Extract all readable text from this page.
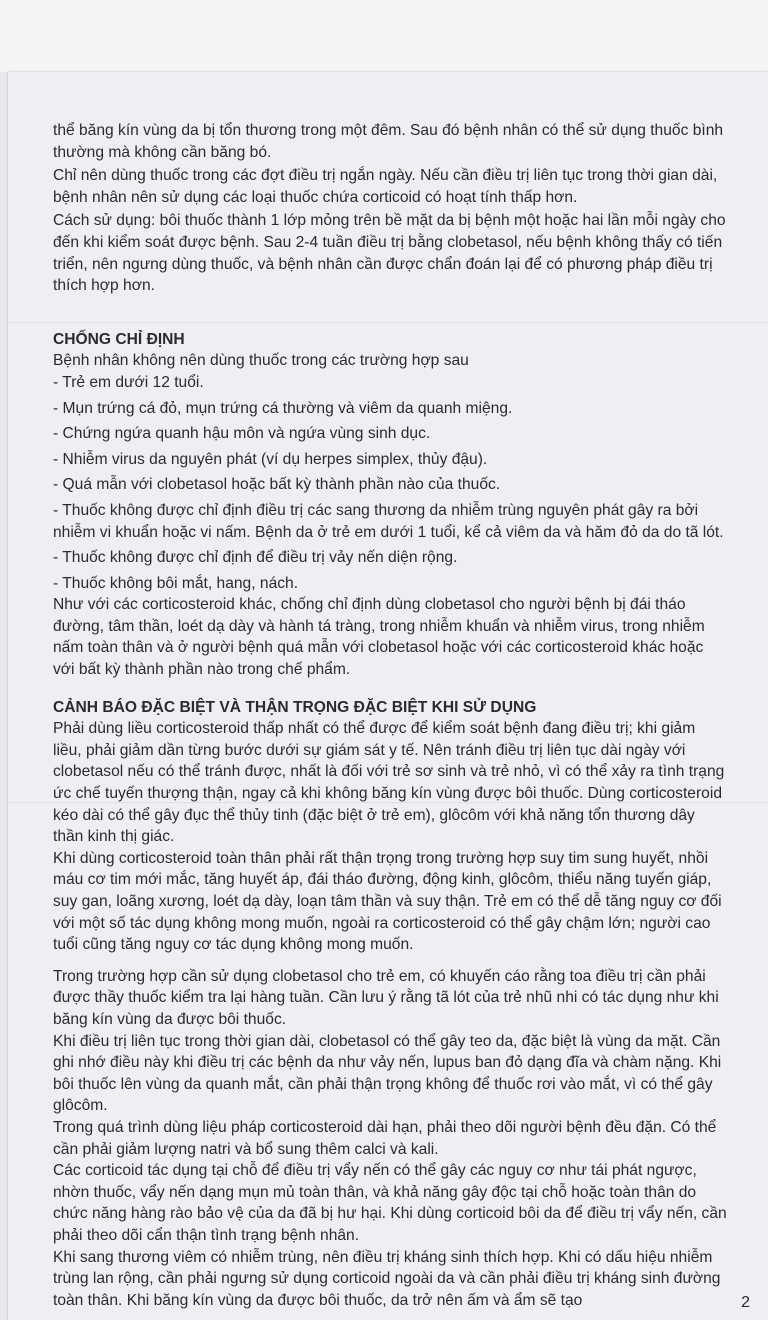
thể băng kín vùng da bị tổn thương trong một đêm. Sau đó bệnh nhân có thể sử dụng thuốc bình thường mà không cần băng bó.

Chỉ nên dùng thuốc trong các đợt điều trị ngắn ngày. Nếu cần điều trị liên tục trong thời gian dài, bệnh nhân nên sử dụng các loại thuốc chứa corticoid có hoạt tính thấp hơn.

Cách sử dụng: bôi thuốc thành 1 lớp mỏng trên bề mặt da bị bệnh một hoặc hai lần mỗi ngày cho đến khi kiểm soát được bệnh. Sau 2-4 tuần điều trị bằng clobetasol, nếu bệnh không thấy có tiến triển, nên ngưng dùng thuốc, và bệnh nhân cần được chẩn đoán lại để có phương pháp điều trị thích hợp hơn.

CHỐNG CHỈ ĐỊNH

Bệnh nhân không nên dùng thuốc trong các trường hợp sau

- Trẻ em dưới 12 tuổi.

- Mụn trứng cá đỏ, mụn trứng cá thường và viêm da quanh miệng.

- Chứng ngứa quanh hậu môn và ngứa vùng sinh dục.

- Nhiễm virus da nguyên phát (ví dụ herpes simplex, thủy đậu).

- Quá mẫn với clobetasol hoặc bất kỳ thành phần nào của thuốc.

- Thuốc không được chỉ định điều trị các sang thương da nhiễm trùng nguyên phát gây ra bởi nhiễm vi khuẩn hoặc vi nấm. Bệnh da ở trẻ em dưới 1 tuổi, kể cả viêm da và hăm đỏ da do tã lót.

- Thuốc không được chỉ định để điều trị vảy nến diện rộng.

- Thuốc không bôi mắt, hang, nách.

Như với các corticosteroid khác, chống chỉ định dùng clobetasol cho người bệnh bị đái tháo đường, tâm thần, loét dạ dày và hành tá tràng, trong nhiễm khuẩn và nhiễm virus, trong nhiễm nấm toàn thân và ở người bệnh quá mẫn với clobetasol hoặc với các corticosteroid khác hoặc với bất kỳ thành phần nào trong chế phẩm.

CẢNH BÁO ĐẶC BIỆT VÀ THẬN TRỌNG ĐẶC BIỆT KHI SỬ DỤNG

Phải dùng liều corticosteroid thấp nhất có thể được để kiểm soát bệnh đang điều trị; khi giảm liều, phải giảm dần từng bước dưới sự giám sát y tế. Nên tránh điều trị liên tục dài ngày với clobetasol nếu có thể tránh được, nhất là đối với trẻ sơ sinh và trẻ nhỏ, vì có thể xảy ra tình trạng ức chế tuyến thượng thận, ngay cả khi không băng kín vùng được bôi thuốc. Dùng corticosteroid kéo dài có thể gây đục thể thủy tinh (đặc biệt ở trẻ em), glôcôm với khả năng tổn thương dây thần kinh thị giác.

Khi dùng corticosteroid toàn thân phải rất thận trọng trong trường hợp suy tim sung huyết, nhồi máu cơ tim mới mắc, tăng huyết áp, đái tháo đường, động kinh, glôcôm, thiểu năng tuyến giáp, suy gan, loãng xương, loét dạ dày, loạn tâm thần và suy thận. Trẻ em có thể dễ tăng nguy cơ đối với một số tác dụng không mong muốn, ngoài ra corticosteroid có thể gây chậm lớn; người cao tuổi cũng tăng nguy cơ tác dụng không mong muốn.

Trong trường hợp cần sử dụng clobetasol cho trẻ em, có khuyến cáo rằng toa điều trị cần phải được thầy thuốc kiểm tra lại hàng tuần. Cần lưu ý rằng tã lót của trẻ nhũ nhi có tác dụng như khi băng kín vùng da được bôi thuốc.

Khi điều trị liên tục trong thời gian dài, clobetasol có thể gây teo da, đặc biệt là vùng da mặt. Cần ghi nhớ điều này khi điều trị các bệnh da như vảy nến, lupus ban đỏ dạng đĩa và chàm nặng. Khi bôi thuốc lên vùng da quanh mắt, cần phải thận trọng không để thuốc rơi vào mắt, vì có thể gây glôcôm.

Trong quá trình dùng liệu pháp corticosteroid dài hạn, phải theo dõi người bệnh đều đặn. Có thể cần phải giảm lượng natri và bổ sung thêm calci và kali.

Các corticoid tác dụng tại chỗ để điều trị vẩy nến có thể gây các nguy cơ như tái phát ngược, nhờn thuốc, vẩy nến dạng mụn mủ toàn thân, và khả năng gây độc tại chỗ hoặc toàn thân do chức năng hàng rào bảo vệ của da đã bị hư hại. Khi dùng corticoid bôi da để điều trị vẩy nến, cần phải theo dõi cẩn thận tình trạng bệnh nhân.

Khi sang thương viêm có nhiễm trùng, nên điều trị kháng sinh thích hợp. Khi có dấu hiệu nhiễm trùng lan rộng, cần phải ngưng sử dụng corticoid ngoài da và cần phải điều trị kháng sinh đường toàn thân. Khi băng kín vùng da được bôi thuốc, da trở nên ấm và ẩm sẽ tạo	2
